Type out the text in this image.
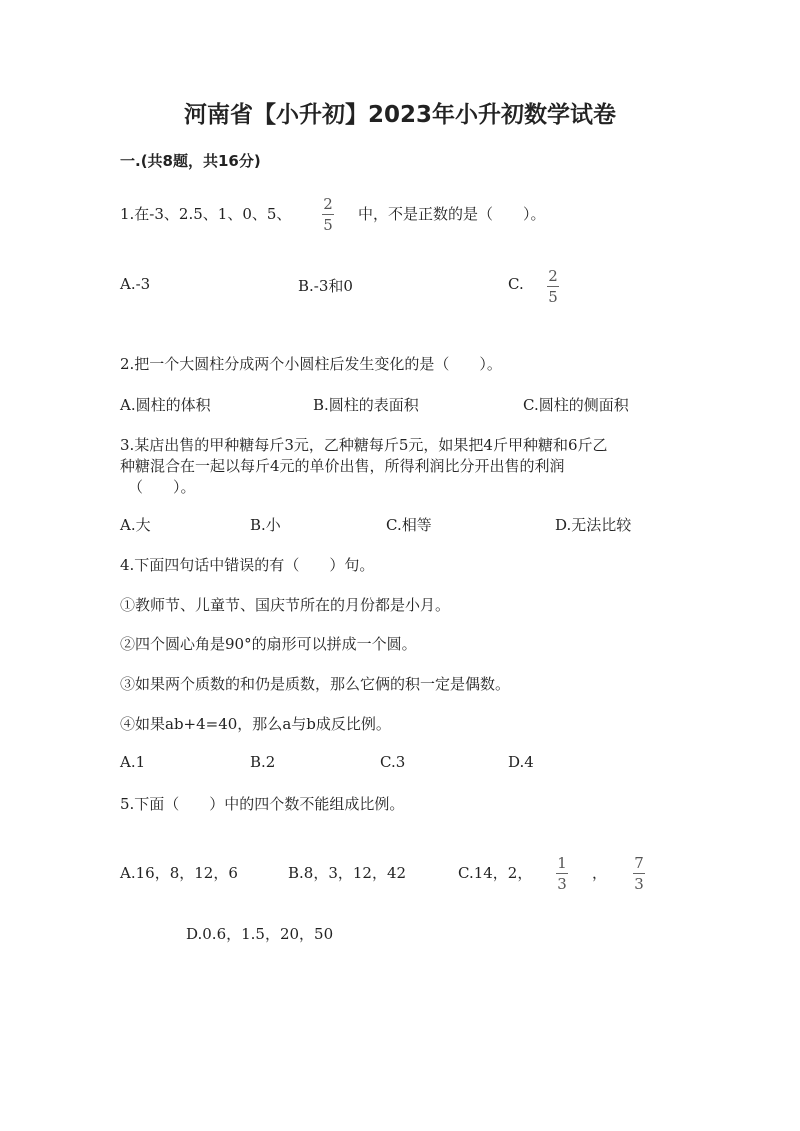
河南省【小升初】2023年小升初数学试卷
一.(共8题，共16分)
1.在-3、2.5、1、0、5、
2
5
中，不是正数的是（　　）。
A.-3	B.-3和0	C. 2
5
2.把一个大圆柱分成两个小圆柱后发生变化的是（　　）。
A.圆柱的体积	B.圆柱的表面积	C.圆柱的侧面积
3.某店出售的甲种糖每斤3元，乙种糖每斤5元，如果把4斤甲种糖和6斤乙
种糖混合在一起以每斤4元的单价出售，所得利润比分开出售的利润
（　　）。
A.大	B.小	C.相等	D.无法比较
4.下面四句话中错误的有（　　）句。
①教师节、儿童节、国庆节所在的月份都是小月。
②四个圆心角是90°的扇形可以拼成一个圆。
③如果两个质数的和仍是质数，那么它俩的积一定是偶数。
④如果ab+4=40，那么a与b成反比例。
A.1	B.2	C.3	D.4
5.下面（　　）中的四个数不能组成比例。
A.16，8，12，6	B.8，3，12，42	C.14，2，
1
3
，
7
3
D.0.6，1.5，20，50
